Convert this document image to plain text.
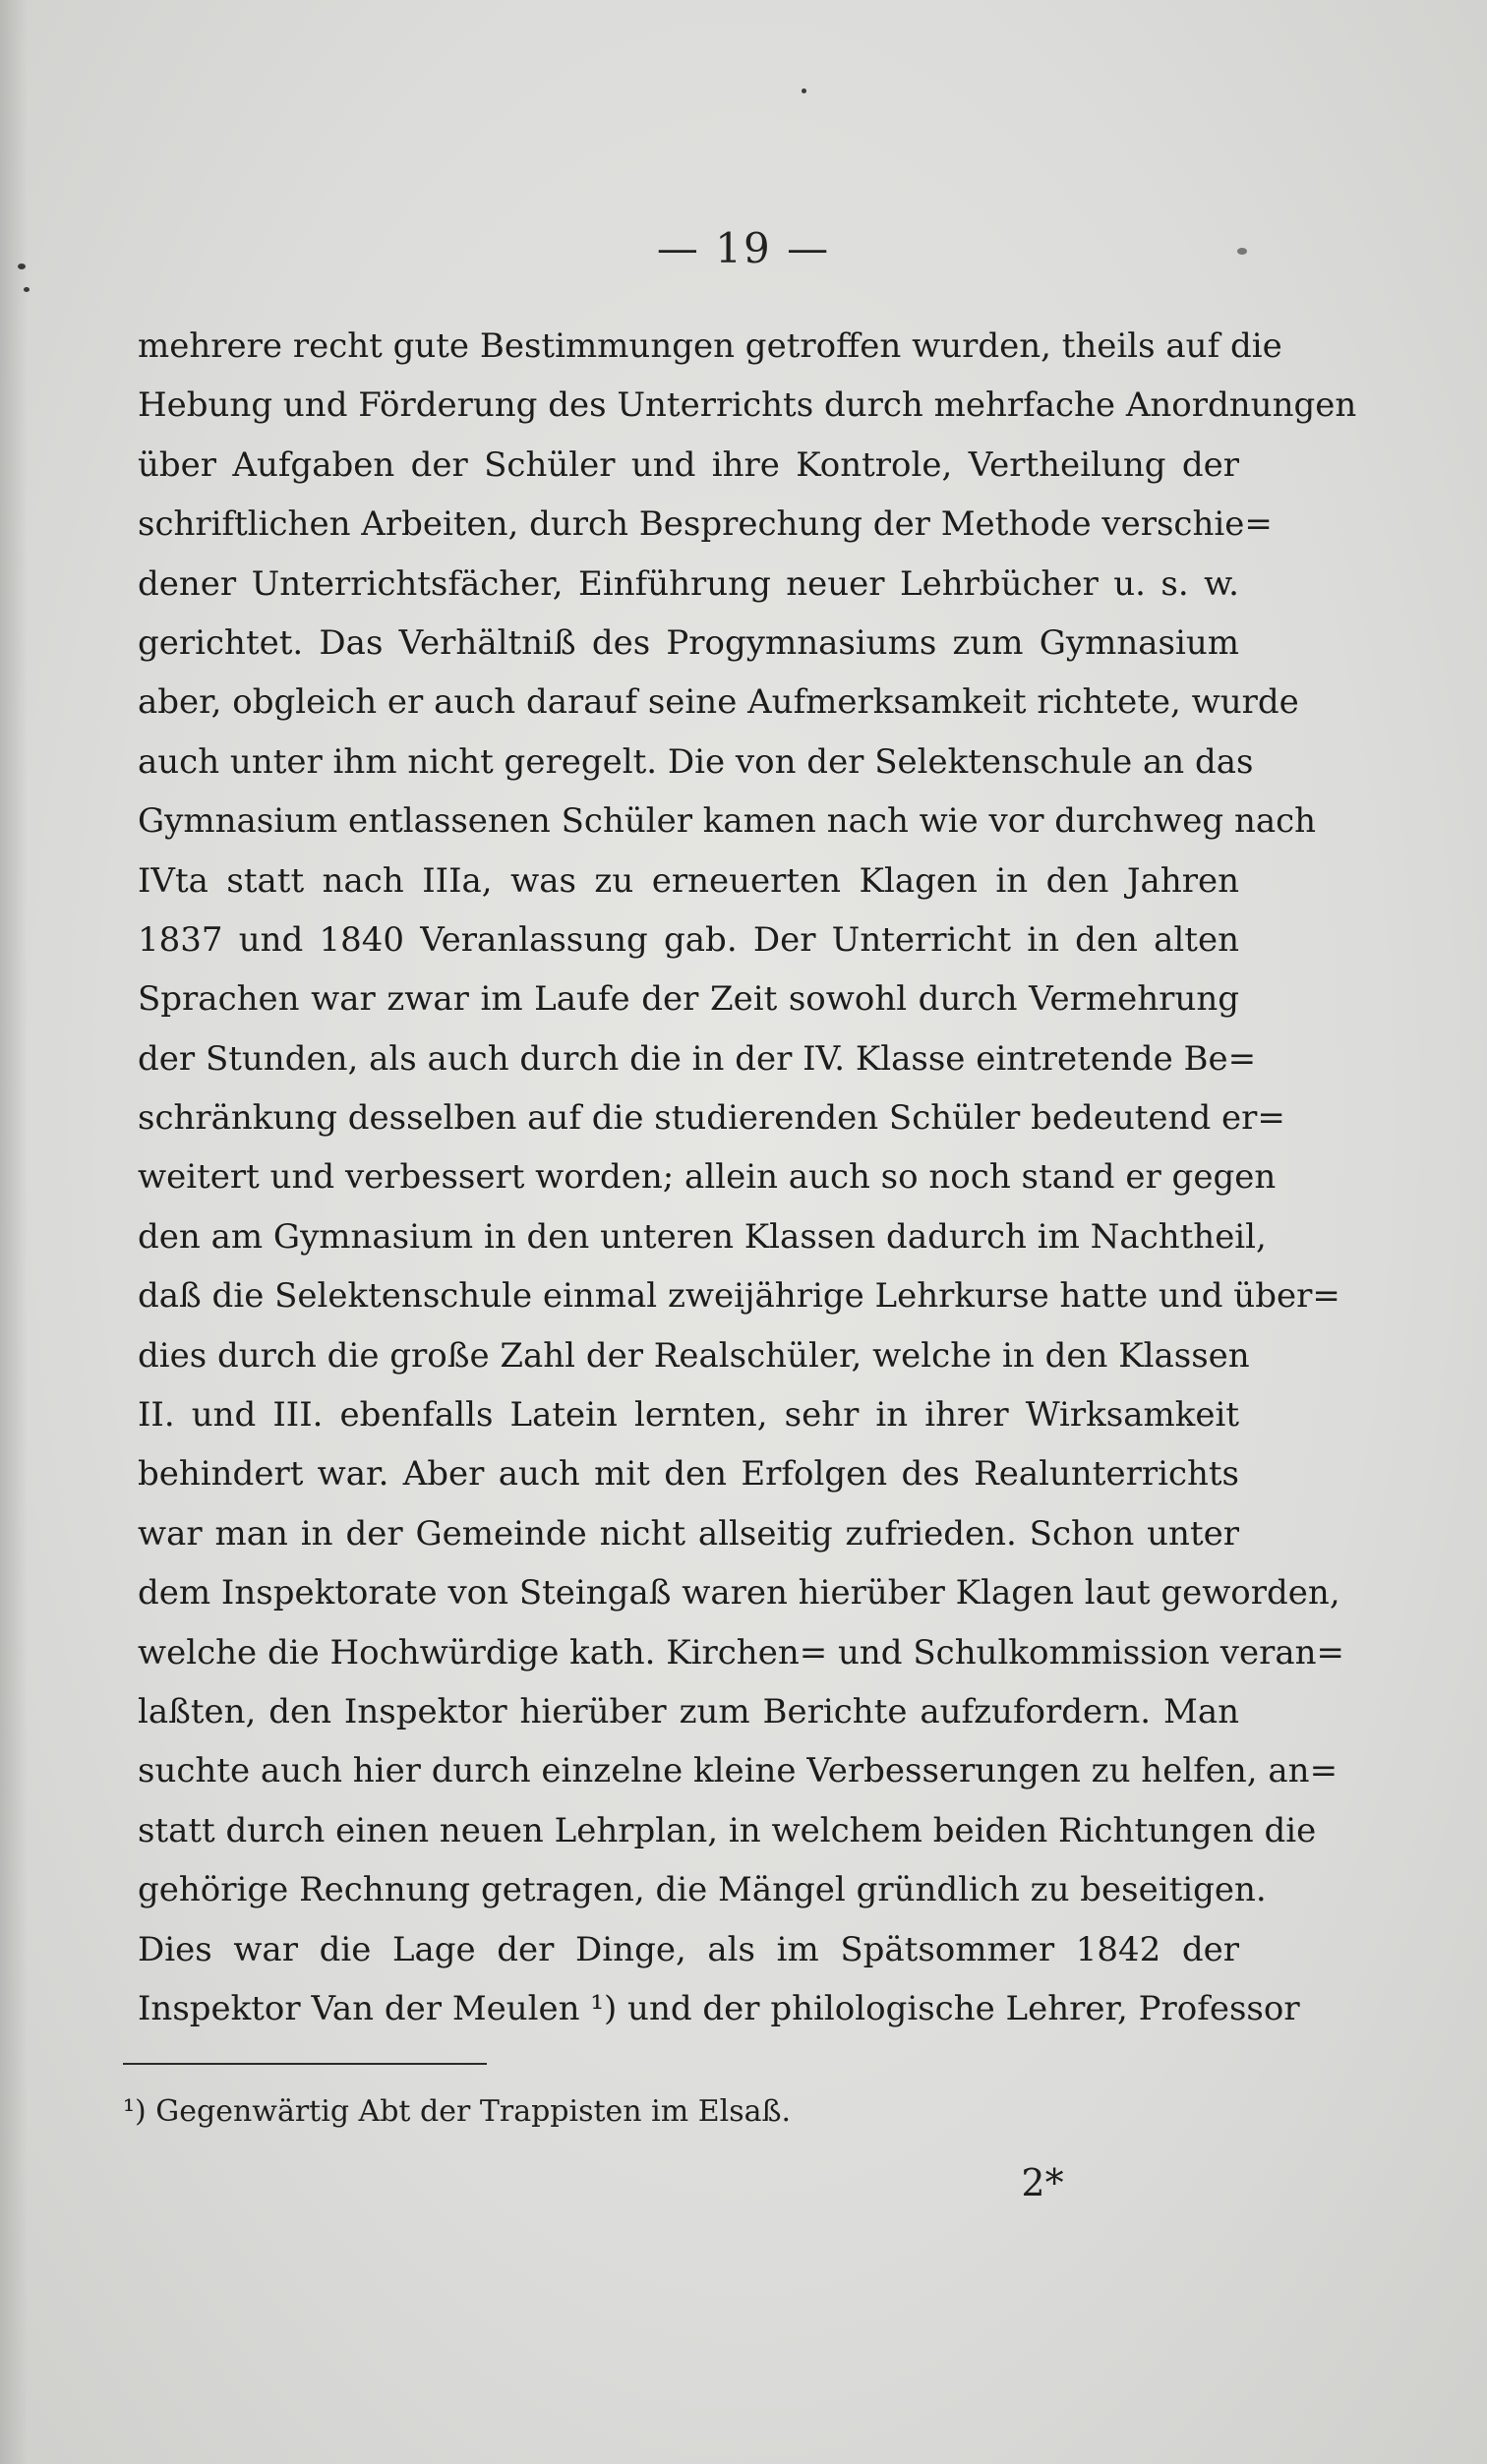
— 19 —
mehrere recht gute Bestimmungen getroffen wurden, theils auf die
Hebung und Förderung des Unterrichts durch mehrfache Anordnungen
über Aufgaben der Schüler und ihre Kontrole, Vertheilung der
schriftlichen Arbeiten, durch Besprechung der Methode verschie=
dener Unterrichtsfächer, Einführung neuer Lehrbücher u. s. w.
gerichtet. Das Verhältniß des Progymnasiums zum Gymnasium
aber, obgleich er auch darauf seine Aufmerksamkeit richtete, wurde
auch unter ihm nicht geregelt. Die von der Selektenschule an das
Gymnasium entlassenen Schüler kamen nach wie vor durchweg nach
IVta statt nach IIIa, was zu erneuerten Klagen in den Jahren
1837 und 1840 Veranlassung gab. Der Unterricht in den alten
Sprachen war zwar im Laufe der Zeit sowohl durch Vermehrung
der Stunden, als auch durch die in der IV. Klasse eintretende Be=
schränkung desselben auf die studierenden Schüler bedeutend er=
weitert und verbessert worden; allein auch so noch stand er gegen
den am Gymnasium in den unteren Klassen dadurch im Nachtheil,
daß die Selektenschule einmal zweijährige Lehrkurse hatte und über=
dies durch die große Zahl der Realschüler, welche in den Klassen
II. und III. ebenfalls Latein lernten, sehr in ihrer Wirksamkeit
behindert war. Aber auch mit den Erfolgen des Realunterrichts
war man in der Gemeinde nicht allseitig zufrieden. Schon unter
dem Inspektorate von Steingaß waren hierüber Klagen laut geworden,
welche die Hochwürdige kath. Kirchen= und Schulkommission veran=
laßten, den Inspektor hierüber zum Berichte aufzufordern. Man
suchte auch hier durch einzelne kleine Verbesserungen zu helfen, an=
statt durch einen neuen Lehrplan, in welchem beiden Richtungen die
gehörige Rechnung getragen, die Mängel gründlich zu beseitigen.
Dies war die Lage der Dinge, als im Spätsommer 1842 der
Inspektor Van der Meulen ¹) und der philologische Lehrer, Professor
¹) Gegenwärtig Abt der Trappisten im Elsaß.
2*
